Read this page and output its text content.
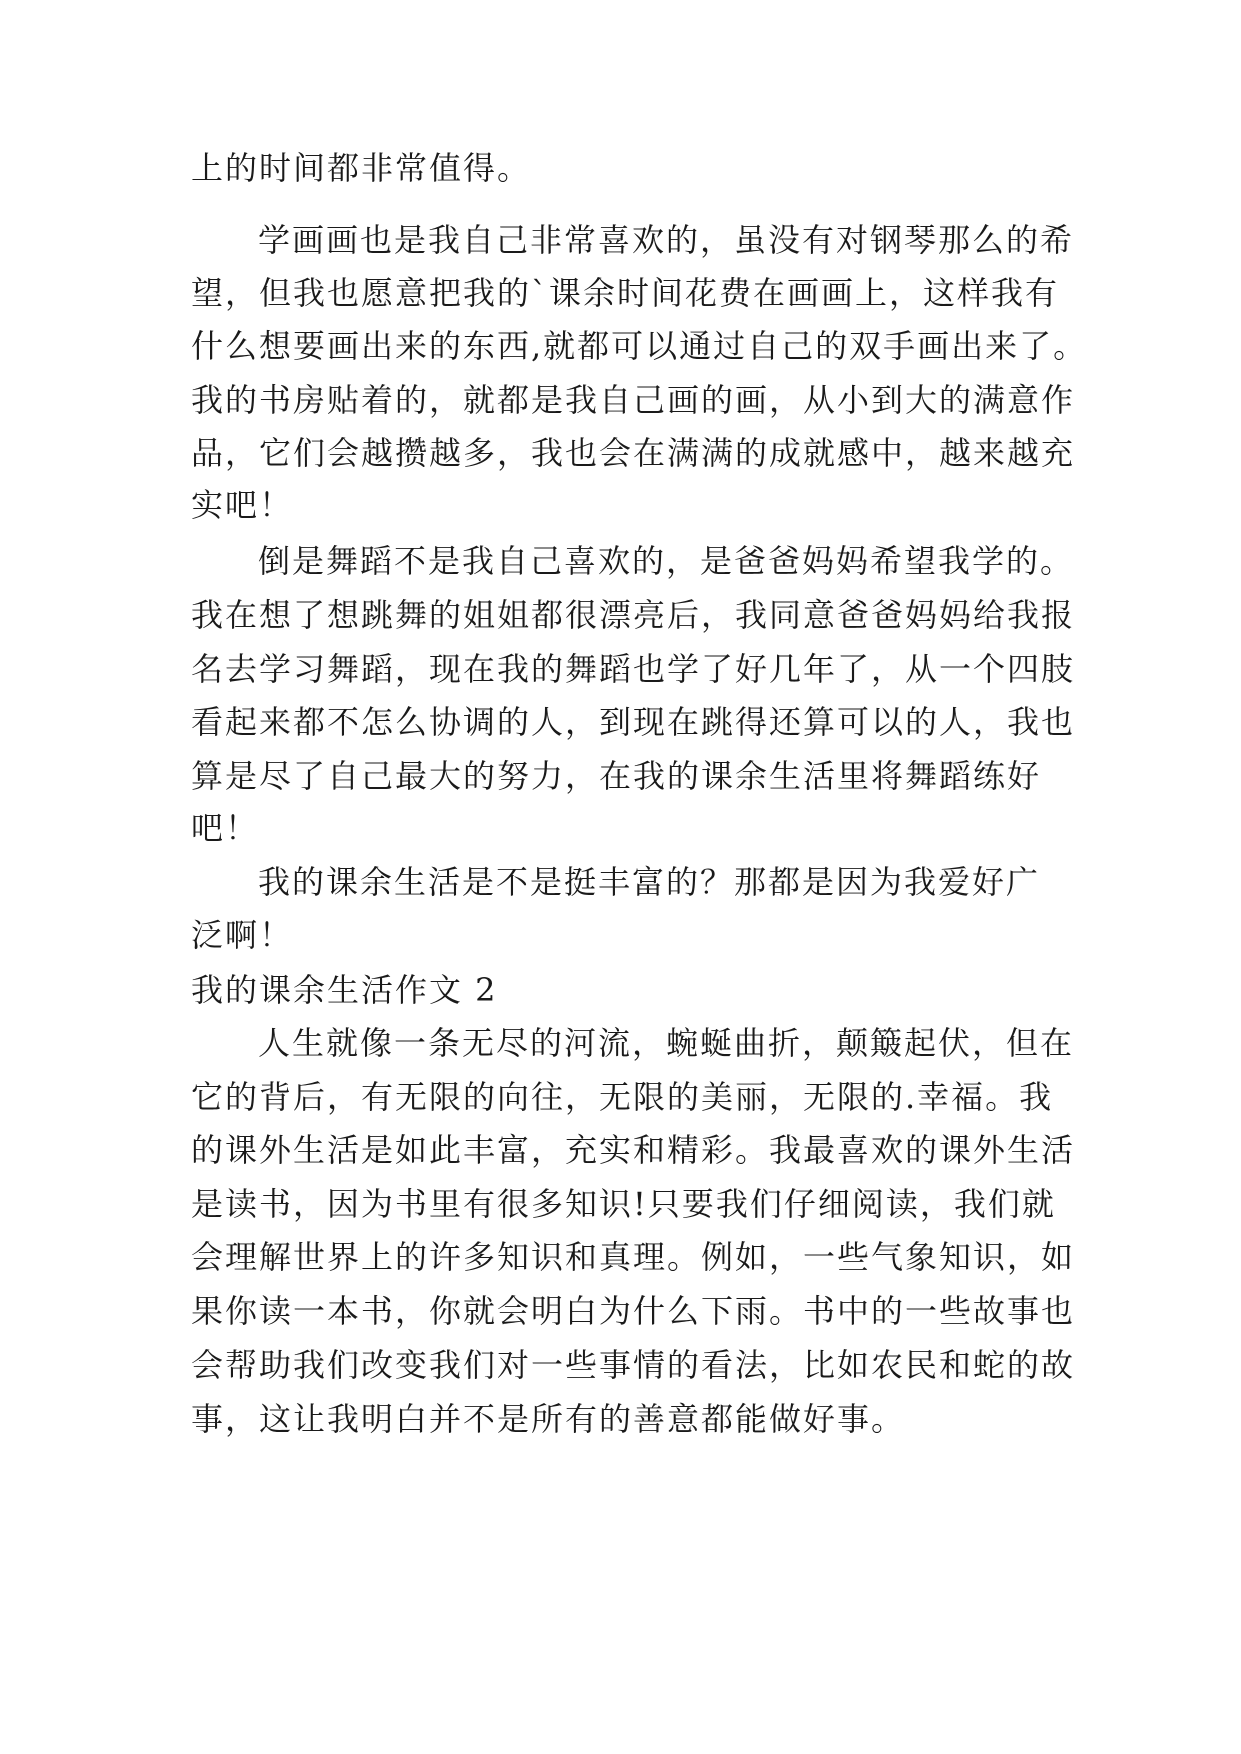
上的时间都非常值得。
学画画也是我自己非常喜欢的，虽没有对钢琴那么的希
望，但我也愿意把我的`课余时间花费在画画上，这样我有
什么想要画出来的东西,就都可以通过自己的双手画出来了。
我的书房贴着的，就都是我自己画的画，从小到大的满意作
品，它们会越攒越多，我也会在满满的成就感中，越来越充
实吧！
倒是舞蹈不是我自己喜欢的，是爸爸妈妈希望我学的。
我在想了想跳舞的姐姐都很漂亮后，我同意爸爸妈妈给我报
名去学习舞蹈，现在我的舞蹈也学了好几年了，从一个四肢
看起来都不怎么协调的人，到现在跳得还算可以的人，我也
算是尽了自己最大的努力，在我的课余生活里将舞蹈练好
吧！
我的课余生活是不是挺丰富的？那都是因为我爱好广
泛啊！
我的课余生活作文 2
人生就像一条无尽的河流，蜿蜒曲折，颠簸起伏，但在
它的背后，有无限的向往，无限的美丽，无限的.幸福。我
的课外生活是如此丰富，充实和精彩。我最喜欢的课外生活
是读书，因为书里有很多知识!只要我们仔细阅读，我们就
会理解世界上的许多知识和真理。例如，一些气象知识，如
果你读一本书，你就会明白为什么下雨。书中的一些故事也
会帮助我们改变我们对一些事情的看法，比如农民和蛇的故
事，这让我明白并不是所有的善意都能做好事。
